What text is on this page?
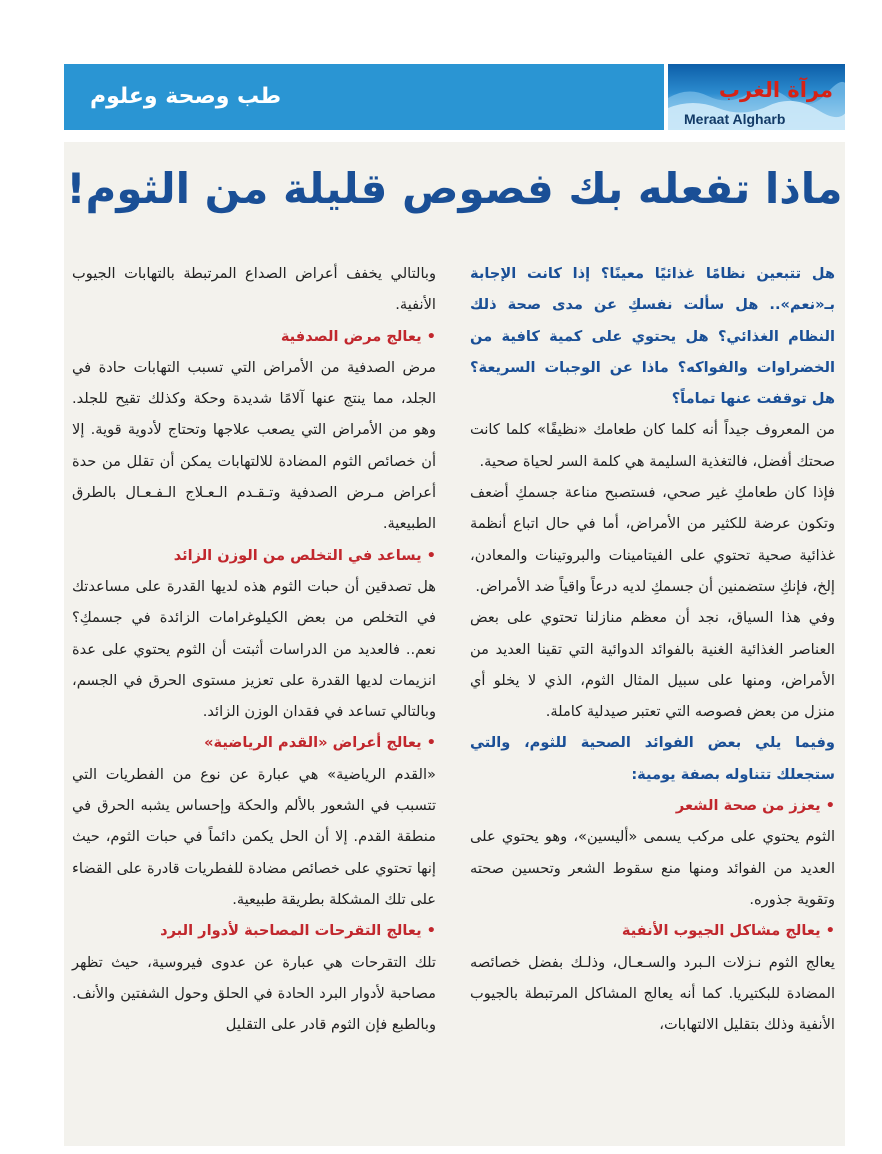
طب وصحة وعلوم	مرآة الغرب
Meraat Algharb
ماذا تفعله بك فصوص قليلة من الثوم!

هل تتبعين نظامًا غذائيًا معينًا؟ إذا كانت الإجابة بـ«نعم».. هل سألت نفسكِ عن مدى صحة ذلك النظام الغذائي؟ هل يحتوي على كمية كافية من الخضراوات والفواكه؟ ماذا عن الوجبات السريعة؟ هل توقفت عنها تماماً؟

من المعروف جيداً أنه كلما كان طعامك «نظيفًا» كلما كانت صحتك أفضل، فالتغذية السليمة هي كلمة السر لحياة صحية.

فإذا كان طعامكِ غير صحي، فستصبح مناعة جسمكِ أضعف وتكون عرضة للكثير من الأمراض، أما في حال اتباع أنظمة غذائية صحية تحتوي على الفيتامينات والبروتينات والمعادن، إلخ، فإنكِ ستضمنين أن جسمكِ لديه درعاً واقياً ضد الأمراض.

وفي هذا السياق، نجد أن معظم منازلنا تحتوي على بعض العناصر الغذائية الغنية بالفوائد الدوائية التي تقينا العديد من الأمراض، ومنها على سبيل المثال الثوم، الذي لا يخلو أي منزل من بعض فصوصه التي تعتبر صيدلية كاملة.

وفيما يلي بعض الفوائد الصحية للثوم، والتي ستجعلك تتناوله بصفة يومية:

• يعزز من صحة الشعر

الثوم يحتوي على مركب يسمى «أليسين»، وهو يحتوي على العديد من الفوائد ومنها منع سقوط الشعر وتحسين صحته وتقوية جذوره.

• يعالج مشاكل الجيوب الأنفية

يعالج الثوم نـزلات الـبرد والسـعـال، وذلـك بفضل خصائصه المضادة للبكتيريا. كما أنه يعالج المشاكل المرتبطة بالجيوب الأنفية وذلك بتقليل الالتهابات،

وبالتالي يخفف أعراض الصداع المرتبطة بالتهابات الجيوب الأنفية.

• يعالج مرض الصدفية

مرض الصدفية من الأمراض التي تسبب التهابات حادة في الجلد، مما ينتج عنها آلامًا شديدة وحكة وكذلك تقيح للجلد. وهو من الأمراض التي يصعب علاجها وتحتاج لأدوية قوية. إلا أن خصائص الثوم المضادة للالتهابات يمكن أن تقلل من حدة أعراض مـرض الصدفية وتـقـدم الـعـلاج الـفـعـال بالطرق الطبيعية.

• يساعد في التخلص من الوزن الزائد

هل تصدقين أن حبات الثوم هذه لديها القدرة على مساعدتك في التخلص من بعض الكيلوغرامات الزائدة في جسمكِ؟ نعم.. فالعديد من الدراسات أثبتت أن الثوم يحتوي على عدة انزيمات لديها القدرة على تعزيز مستوى الحرق في الجسم، وبالتالي تساعد في فقدان الوزن الزائد.

• يعالج أعراض «القدم الرياضية»

«القدم الرياضية» هي عبارة عن نوع من الفطريات التي تتسبب في الشعور بالألم والحكة وإحساس يشبه الحرق في منطقة القدم. إلا أن الحل يكمن دائماً في حبات الثوم، حيث إنها تحتوي على خصائص مضادة للفطريات قادرة على القضاء على تلك المشكلة بطريقة طبيعية.

• يعالج التقرحات المصاحبة لأدوار البرد

تلك التقرحات هي عبارة عن عدوى فيروسية، حيث تظهر مصاحبة لأدوار البرد الحادة في الحلق وحول الشفتين والأنف. وبالطبع فإن الثوم قادر على التقليل
